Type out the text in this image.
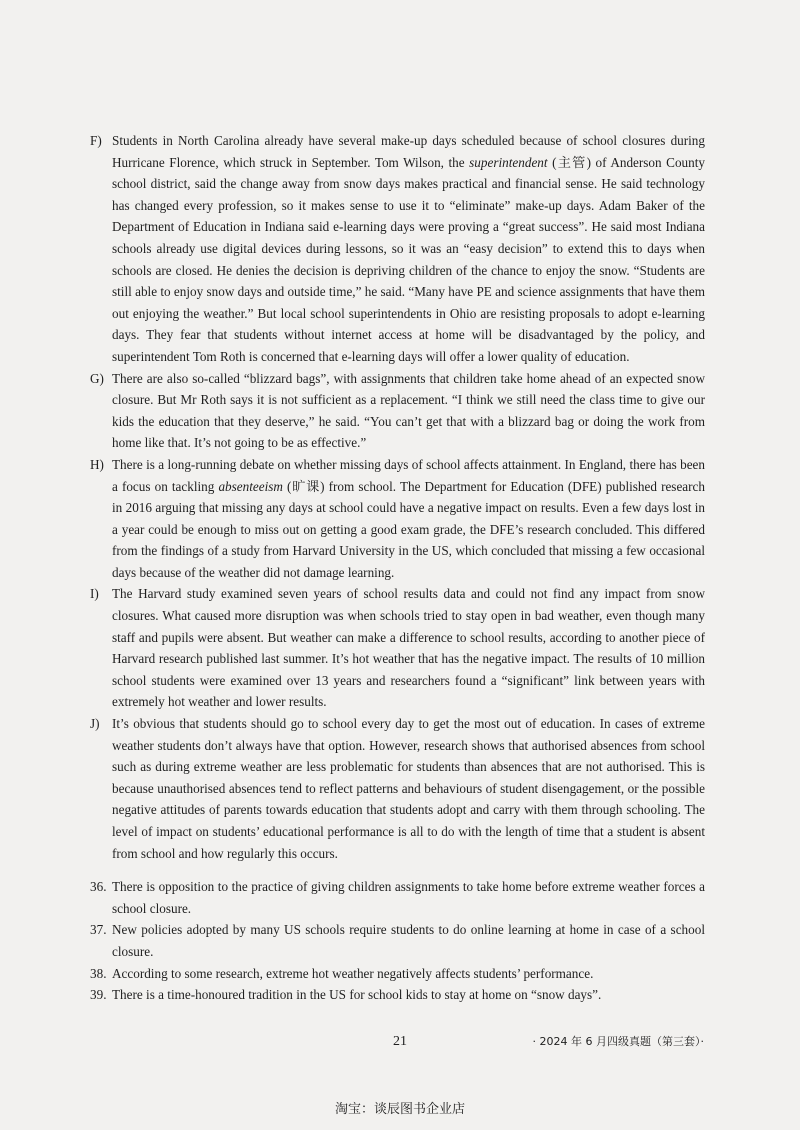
F) Students in North Carolina already have several make-up days scheduled because of school closures during Hurricane Florence, which struck in September. Tom Wilson, the superintendent (主管) of Anderson County school district, said the change away from snow days makes practical and financial sense. He said technology has changed every profession, so it makes sense to use it to “eliminate” make-up days. Adam Baker of the Department of Education in Indiana said e-learning days were proving a “great success”. He said most Indiana schools already use digital devices during lessons, so it was an “easy decision” to extend this to days when schools are closed. He denies the decision is depriving children of the chance to enjoy the snow. “Students are still able to enjoy snow days and outside time,” he said. “Many have PE and science assignments that have them out enjoying the weather.” But local school superintendents in Ohio are resisting proposals to adopt e-learning days. They fear that students without internet access at home will be disadvantaged by the policy, and superintendent Tom Roth is concerned that e-learning days will offer a lower quality of education.
G) There are also so-called “blizzard bags”, with assignments that children take home ahead of an expected snow closure. But Mr Roth says it is not sufficient as a replacement. “I think we still need the class time to give our kids the education that they deserve,” he said. “You can’t get that with a blizzard bag or doing the work from home like that. It’s not going to be as effective.”
H) There is a long-running debate on whether missing days of school affects attainment. In England, there has been a focus on tackling absenteeism (旷课) from school. The Department for Education (DFE) published research in 2016 arguing that missing any days at school could have a negative impact on results. Even a few days lost in a year could be enough to miss out on getting a good exam grade, the DFE’s research concluded. This differed from the findings of a study from Harvard University in the US, which concluded that missing a few occasional days because of the weather did not damage learning.
I)	The Harvard study examined seven years of school results data and could not find any impact from snow closures. What caused more disruption was when schools tried to stay open in bad weather, even though many staff and pupils were absent. But weather can make a difference to school results, according to another piece of Harvard research published last summer. It’s hot weather that has the negative impact. The results of 10 million school students were examined over 13 years and researchers found a “significant” link between years with extremely hot weather and lower results.
J) It’s obvious that students should go to school every day to get the most out of education. In cases of extreme weather students don’t always have that option. However, research shows that authorised absences from school such as during extreme weather are less problematic for students than absences that are not authorised. This is because unauthorised absences tend to reflect patterns and behaviours of student disengagement, or the possible negative attitudes of parents towards education that students adopt and carry with them through schooling. The level of impact on students’ educational performance is all to do with the length of time that a student is absent from school and how regularly this occurs.
36. There is opposition to the practice of giving children assignments to take home before extreme weather forces a school closure.
37. New policies adopted by many US schools require students to do online learning at home in case of a school closure.
38. According to some research, extreme hot weather negatively affects students’ performance.
39. There is a time-honoured tradition in the US for school kids to stay at home on “snow days”.
21	· 2024 年 6 月四级真题（第三套）·
淘宝：谈辰图书企业店
